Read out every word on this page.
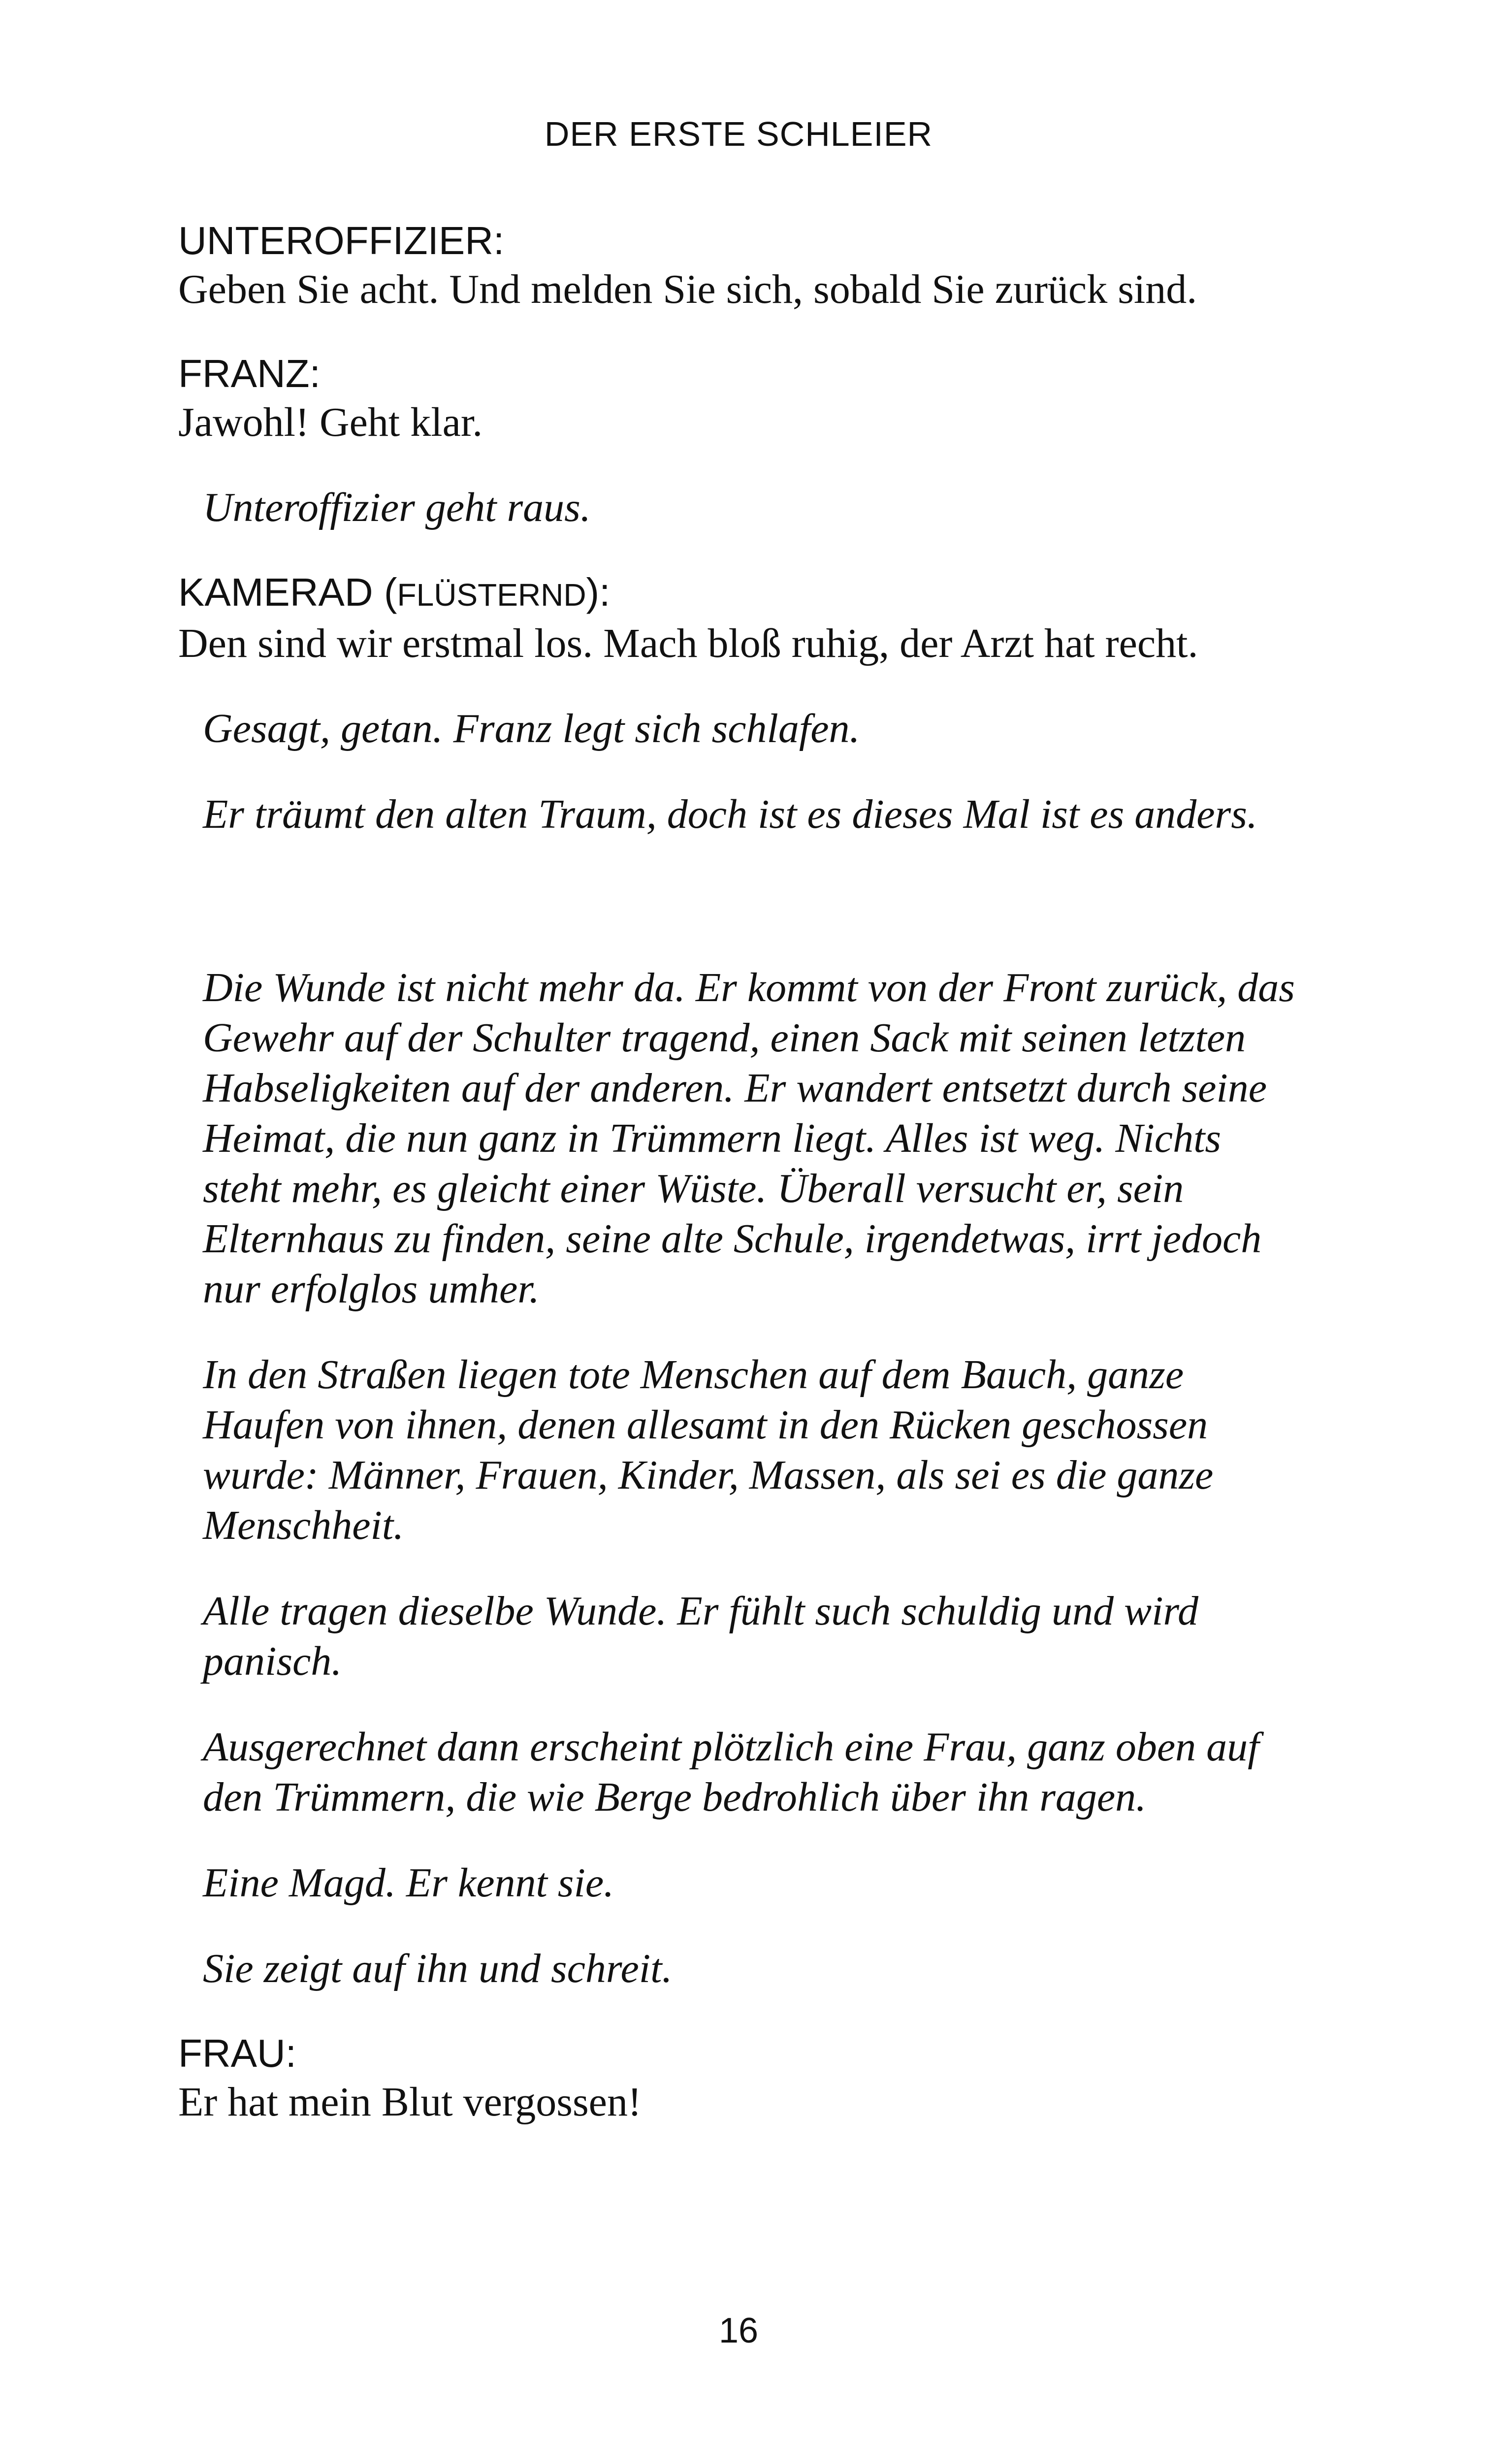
DER ERSTE SCHLEIER

UNTEROFFIZIER:

Geben Sie acht. Und melden Sie sich, sobald Sie zurück sind.

FRANZ:

Jawohl! Geht klar.

Unteroffizier geht raus.

KAMERAD (FLÜSTERND):

Den sind wir erstmal los. Mach bloß ruhig, der Arzt hat recht.

Gesagt, getan. Franz legt sich schlafen.

Er träumt den alten Traum, doch ist es dieses Mal ist es anders.

Die Wunde ist nicht mehr da. Er kommt von der Front zurück, das Gewehr auf der Schulter tragend, einen Sack mit seinen letzten Habseligkeiten auf der anderen. Er wandert entsetzt durch seine Heimat, die nun ganz in Trümmern liegt. Alles ist weg. Nichts steht mehr, es gleicht einer Wüste. Überall versucht er, sein Elternhaus zu finden, seine alte Schule, irgendetwas, irrt jedoch nur erfolglos umher.

In den Straßen liegen tote Menschen auf dem Bauch, ganze Haufen von ihnen, denen allesamt in den Rücken geschossen wurde: Männer, Frauen, Kinder, Massen, als sei es die ganze Menschheit.

Alle tragen dieselbe Wunde. Er fühlt such schuldig und wird panisch.

Ausgerechnet dann erscheint plötzlich eine Frau, ganz oben auf den Trümmern, die wie Berge bedrohlich über ihn ragen.

Eine Magd. Er kennt sie.

Sie zeigt auf ihn und schreit.

FRAU:

Er hat mein Blut vergossen!

16
